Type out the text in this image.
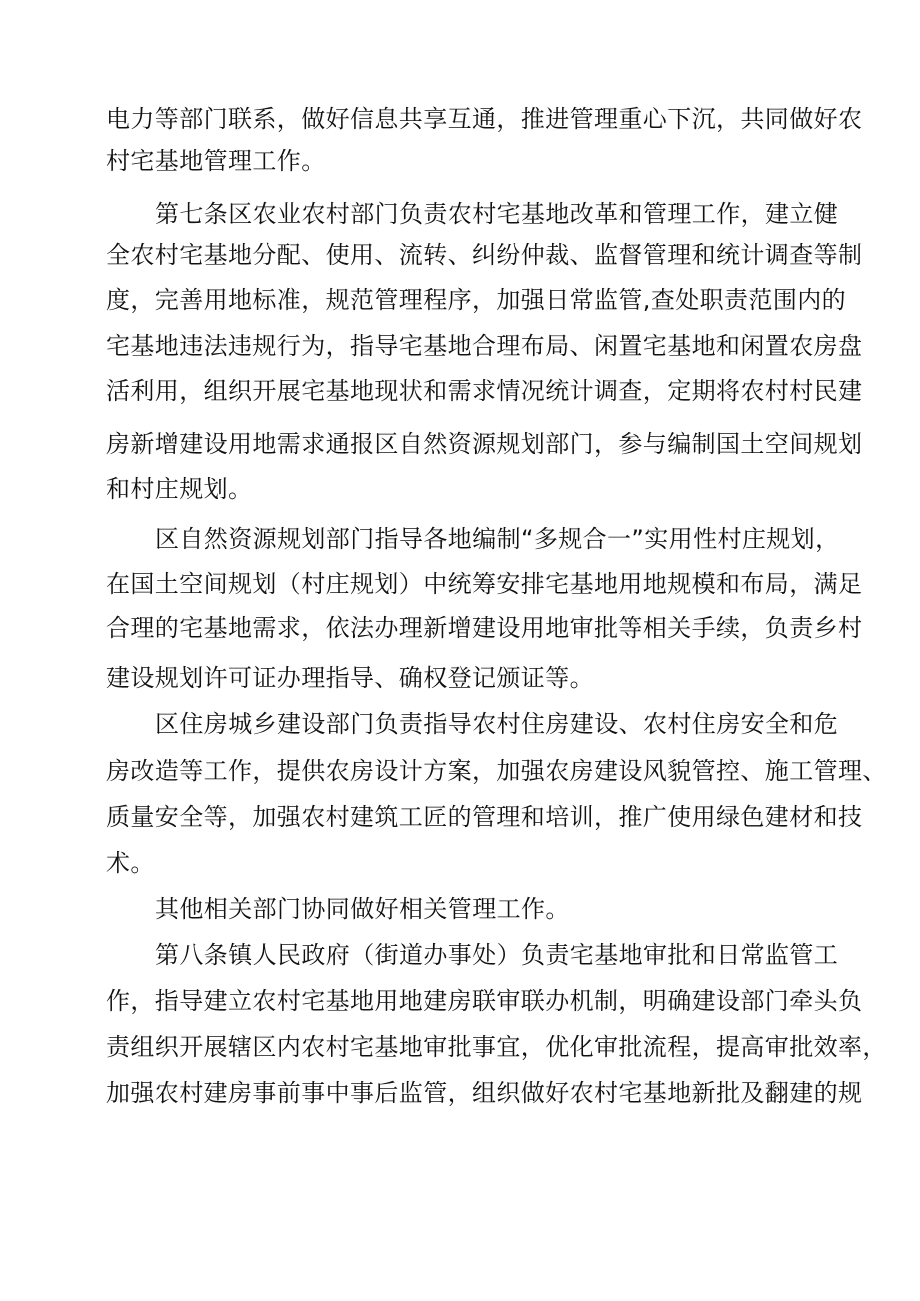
电力等部门联系，做好信息共享互通，推进管理重心下沉，共同做好农
村宅基地管理工作。
第七条区农业农村部门负责农村宅基地改革和管理工作，建立健
全农村宅基地分配、使用、流转、纠纷仲裁、监督管理和统计调查等制
度，完善用地标准，规范管理程序，加强日常监管,查处职责范围内的
宅基地违法违规行为，指导宅基地合理布局、闲置宅基地和闲置农房盘
活利用，组织开展宅基地现状和需求情况统计调查，定期将农村村民建
房新增建设用地需求通报区自然资源规划部门，参与编制国土空间规划
和村庄规划。
区自然资源规划部门指导各地编制“多规合一”实用性村庄规划，
在国土空间规划（村庄规划）中统筹安排宅基地用地规模和布局，满足
合理的宅基地需求，依法办理新增建设用地审批等相关手续，负责乡村
建设规划许可证办理指导、确权登记颁证等。
区住房城乡建设部门负责指导农村住房建设、农村住房安全和危
房改造等工作，提供农房设计方案，加强农房建设风貌管控、施工管理、
质量安全等，加强农村建筑工匠的管理和培训，推广使用绿色建材和技
术。
其他相关部门协同做好相关管理工作。
第八条镇人民政府（街道办事处）负责宅基地审批和日常监管工
作，指导建立农村宅基地用地建房联审联办机制，明确建设部门牵头负
责组织开展辖区内农村宅基地审批事宜，优化审批流程，提高审批效率，
加强农村建房事前事中事后监管，组织做好农村宅基地新批及翻建的规
